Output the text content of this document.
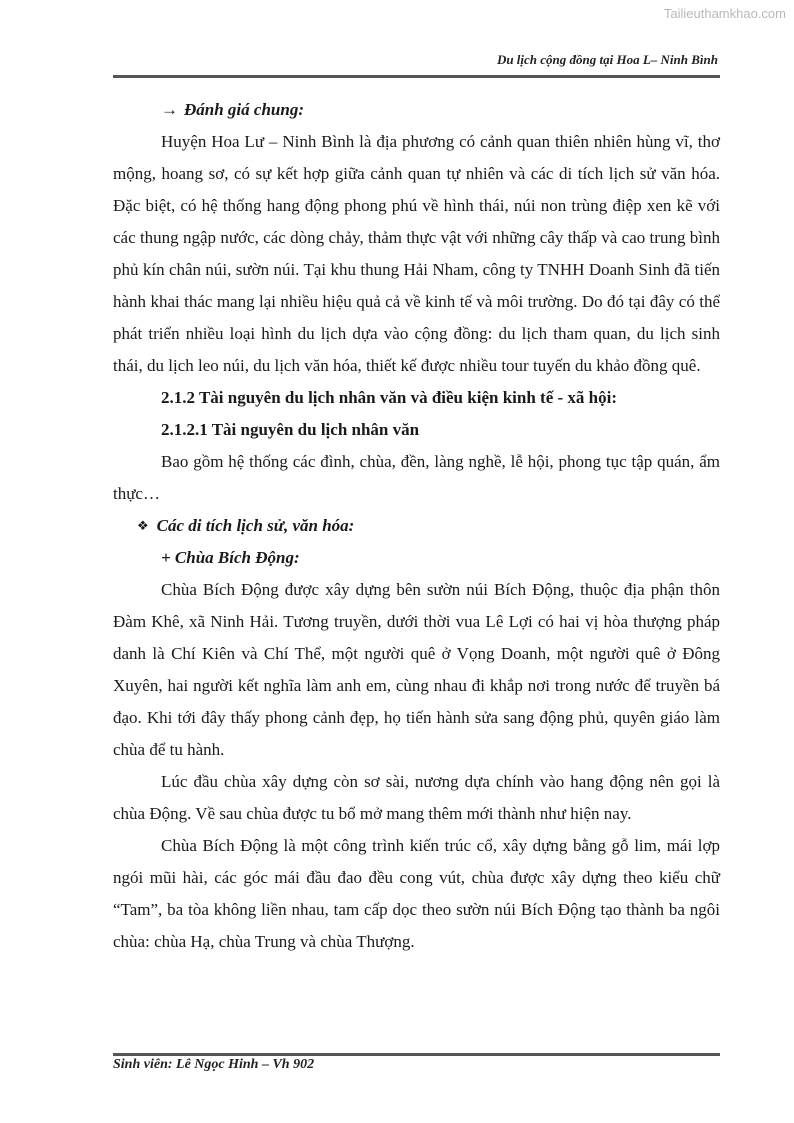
Tailieuthamkhao.com
Du lịch cộng đồng tại Hoa L– Ninh Bình

→ Đánh giá chung:

Huyện Hoa Lư – Ninh Bình là địa phương có cảnh quan thiên nhiên hùng vĩ, thơ mộng, hoang sơ, có sự kết hợp giữa cảnh quan tự nhiên và các di tích lịch sử văn hóa. Đặc biệt, có hệ thống hang động phong phú về hình thái, núi non trùng điệp xen kẽ với các thung ngập nước, các dòng chảy, thảm thực vật với những cây thấp và cao trung bình phủ kín chân núi, sườn núi. Tại khu thung Hải Nham, công ty TNHH Doanh Sinh đã tiến hành khai thác mang lại nhiều hiệu quả cả về kinh tế và môi trường. Do đó tại đây có thể phát triển nhiều loại hình du lịch dựa vào cộng đồng: du lịch tham quan, du lịch sinh thái, du lịch leo núi, du lịch văn hóa, thiết kế được nhiều tour tuyến du khảo đồng quê.

2.1.2 Tài nguyên du lịch nhân văn và điều kiện kinh tế - xã hội:

2.1.2.1 Tài nguyên du lịch nhân văn

Bao gồm hệ thống các đình, chùa, đền, làng nghề, lễ hội, phong tục tập quán, ẩm thực…

❖ Các di tích lịch sử, văn hóa:

+ Chùa Bích Động:

Chùa Bích Động được xây dựng bên sườn núi Bích Động, thuộc địa phận thôn Đàm Khê, xã Ninh Hải. Tương truyền, dưới thời vua Lê Lợi có hai vị hòa thượng pháp danh là Chí Kiên và Chí Thể, một người quê ở Vọng Doanh, một người quê ở Đông Xuyên, hai người kết nghĩa làm anh em, cùng nhau đi khắp nơi trong nước để truyền bá đạo. Khi tới đây thấy phong cảnh đẹp, họ tiến hành sửa sang động phủ, quyên giáo làm chùa để tu hành.

Lúc đầu chùa xây dựng còn sơ sài, nương dựa chính vào hang động nên gọi là chùa Động. Về sau chùa được tu bổ mở mang thêm mới thành như hiện nay.

Chùa Bích Động là một công trình kiến trúc cổ, xây dựng bằng gỗ lim, mái lợp ngói mũi hài, các góc mái đầu đao đều cong vút, chùa được xây dựng theo kiểu chữ “Tam”, ba tòa không liền nhau, tam cấp dọc theo sườn núi Bích Động tạo thành ba ngôi chùa: chùa Hạ, chùa Trung và chùa Thượng.

Sinh viên: Lê Ngọc Hinh – Vh 902
